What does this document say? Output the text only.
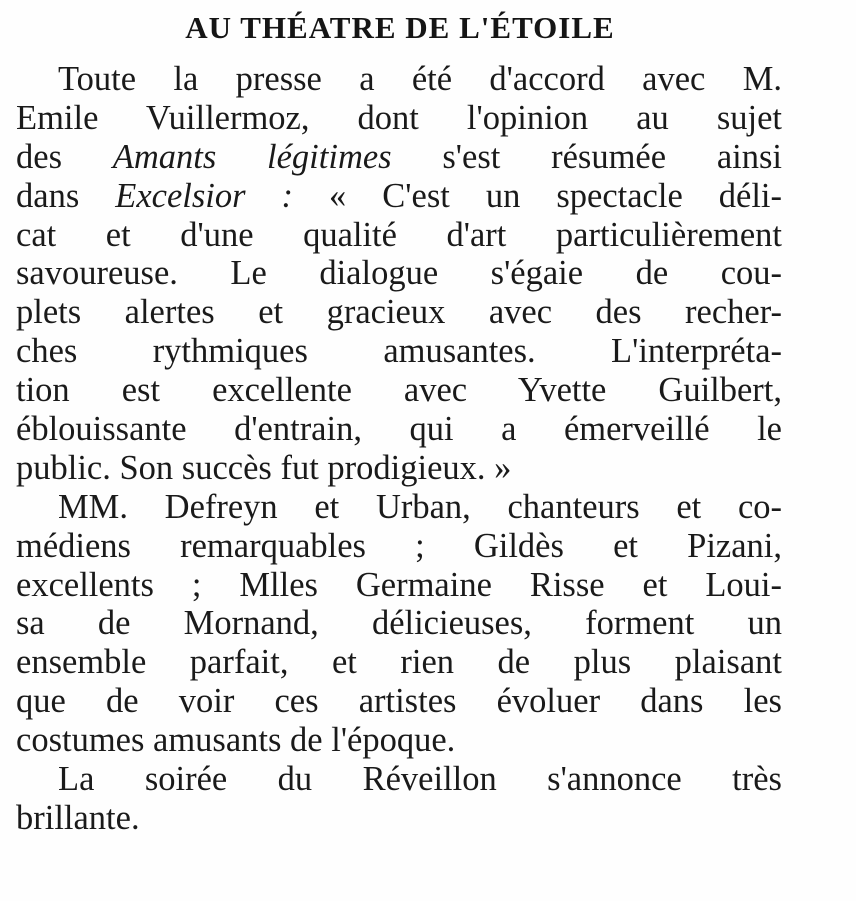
AU THÉATRE DE L'ÉTOILE
Toute la presse a été d'accord avec M.
Emile Vuillermoz, dont l'opinion au sujet
des Amants légitimes s'est résumée ainsi
dans Excelsior : « C'est un spectacle déli-
cat et d'une qualité d'art particulièrement
savoureuse. Le dialogue s'égaie de cou-
plets alertes et gracieux avec des recher-
ches rythmiques amusantes. L'interpréta-
tion est excellente avec Yvette Guilbert,
éblouissante d'entrain, qui a émerveillé le
public. Son succès fut prodigieux. »
MM. Defreyn et Urban, chanteurs et co-
médiens remarquables ; Gildès et Pizani,
excellents ; Mlles Germaine Risse et Loui-
sa de Mornand, délicieuses, forment un
ensemble parfait, et rien de plus plaisant
que de voir ces artistes évoluer dans les
costumes amusants de l'époque.
La soirée du Réveillon s'annonce très
brillante.
